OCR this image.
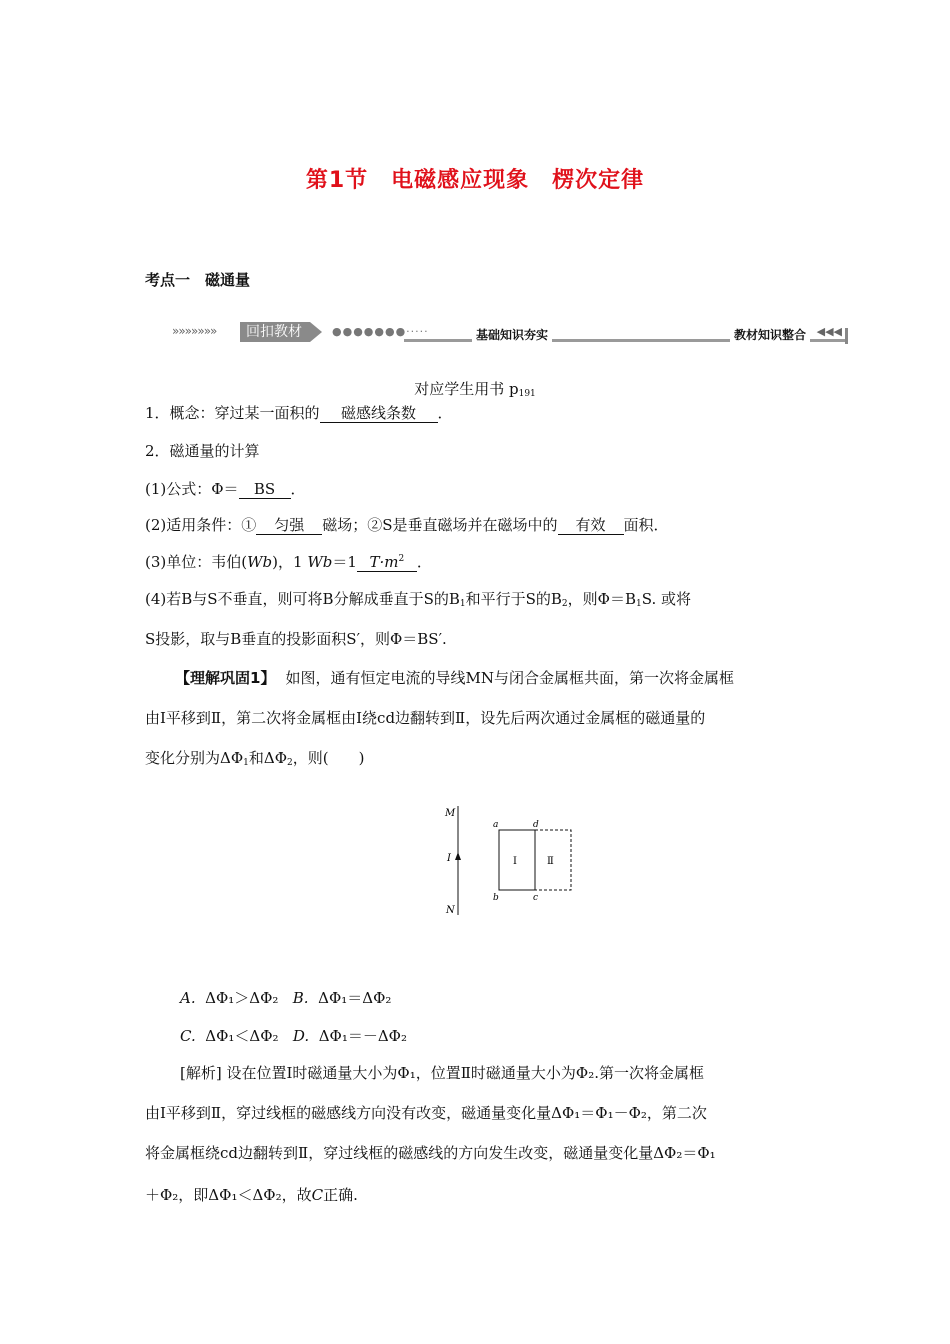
第1节　电磁感应现象　楞次定律
考点一　磁通量
»»»»»»»	回扣教材	●●●●●●●·····	基础知识夯实	教材知识整合 ◀◀◀
对应学生用书 $p_{191}$
1．概念：穿过某一面积的 磁感线条数 ．
2．磁通量的计算
(1)公式：Φ＝ BS ．
(2)适用条件：① 匀强 磁场；②S是垂直磁场并在磁场中的 有效 面积．
(3)单位：韦伯(Wb)，1 Wb＝1 $T\cdot m^2$ ．
(4)若B与S不垂直，则可将B分解成垂直于S的$B_1$和平行于S的$B_2$，则$\Phi=B_1S$. 或将
S投影，取与B垂直的投影面积S′，则Φ＝BS′.
【理解巩固1】 如图，通有恒定电流的导线MN与闭合金属框共面，第一次将金属框
由Ⅰ平移到Ⅱ，第二次将金属框由Ⅰ绕cd边翻转到Ⅱ，设先后两次通过金属框的磁通量的
变化分别为$\Delta\Phi_1$和$\Delta\Phi_2$，则(　　)
M
I
N
a	d
b	c
Ⅰ	Ⅱ
A. ΔΦ₁＞ΔΦ₂ B. ΔΦ₁＝ΔΦ₂
C. ΔΦ₁＜ΔΦ₂ D. ΔΦ₁＝－ΔΦ₂
[解析] 设在位置Ⅰ时磁通量大小为Φ₁，位置Ⅱ时磁通量大小为Φ₂.第一次将金属框
由Ⅰ平移到Ⅱ，穿过线框的磁感线方向没有改变，磁通量变化量ΔΦ₁＝Φ₁－Φ₂，第二次
将金属框绕cd边翻转到Ⅱ，穿过线框的磁感线的方向发生改变，磁通量变化量ΔΦ₂＝Φ₁
＋Φ₂，即ΔΦ₁＜ΔΦ₂，故C正确.
